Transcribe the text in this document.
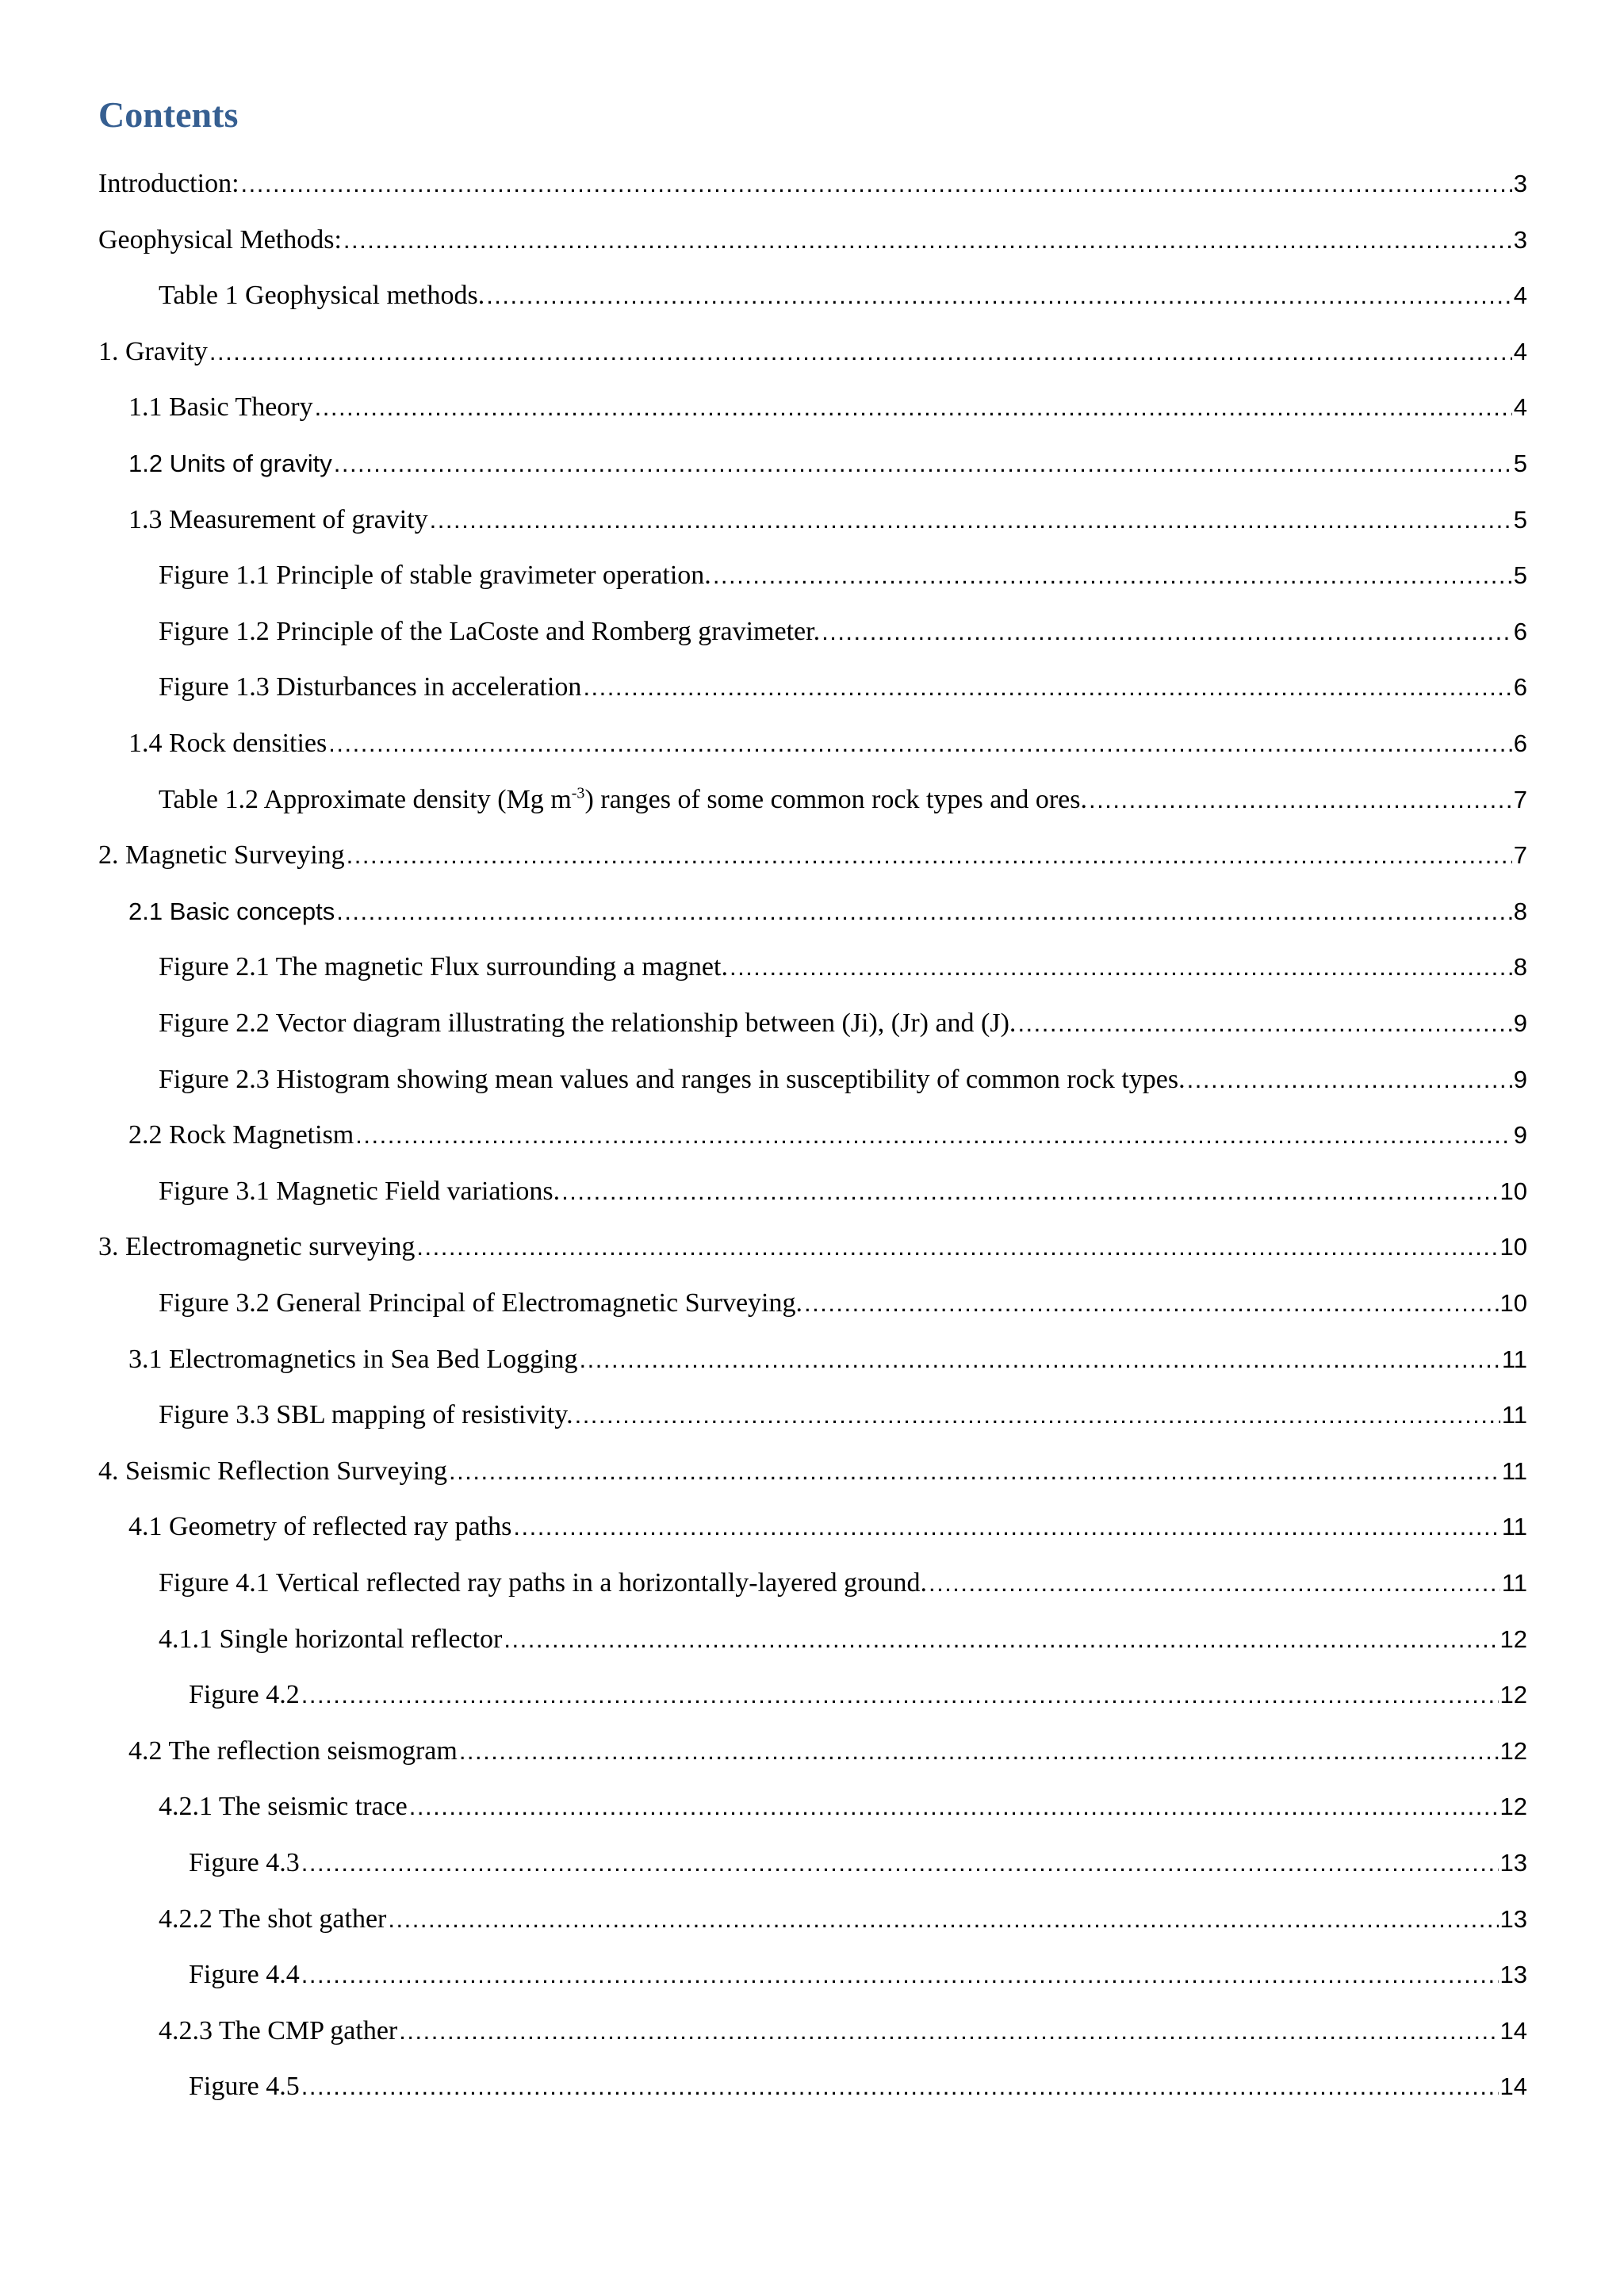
Contents
Introduction: .....	3
Geophysical Methods: .....	3
Table 1 Geophysical methods. .....	4
1. Gravity .....	4
1.1 Basic Theory .....	4
1.2 Units of gravity .....	5
1.3 Measurement of gravity .....	5
Figure 1.1 Principle of stable gravimeter operation. .....	5
Figure 1.2 Principle of the LaCoste and Romberg gravimeter. .....	6
Figure 1.3 Disturbances in acceleration .....	6
1.4 Rock densities .....	6
Table 1.2 Approximate density (Mg $m^{-3}$) ranges of some common rock types and ores. .....	7
2. Magnetic Surveying .....	7
2.1 Basic concepts .....	8
Figure 2.1 The magnetic Flux surrounding a magnet. .....	8
Figure 2.2 Vector diagram illustrating the relationship between (Ji), (Jr) and (J). .....	9
Figure 2.3 Histogram showing mean values and ranges in susceptibility of common rock types. .....	9
2.2 Rock Magnetism .....	9
Figure 3.1 Magnetic Field variations. .....	10
3. Electromagnetic surveying .....	10
Figure 3.2 General Principal of Electromagnetic Surveying. .....	10
3.1 Electromagnetics in Sea Bed Logging .....	11
Figure 3.3 SBL mapping of resistivity. .....	11
4. Seismic Reflection Surveying .....	11
4.1 Geometry of reflected ray paths .....	11
Figure 4.1 Vertical reflected ray paths in a horizontally-layered ground. .....	11
4.1.1 Single horizontal reflector .....	12
Figure 4.2 .....	12
4.2 The reflection seismogram .....	12
4.2.1 The seismic trace .....	12
Figure 4.3 .....	13
4.2.2 The shot gather .....	13
Figure 4.4 .....	13
4.2.3 The CMP gather .....	14
Figure 4.5 .....	14
